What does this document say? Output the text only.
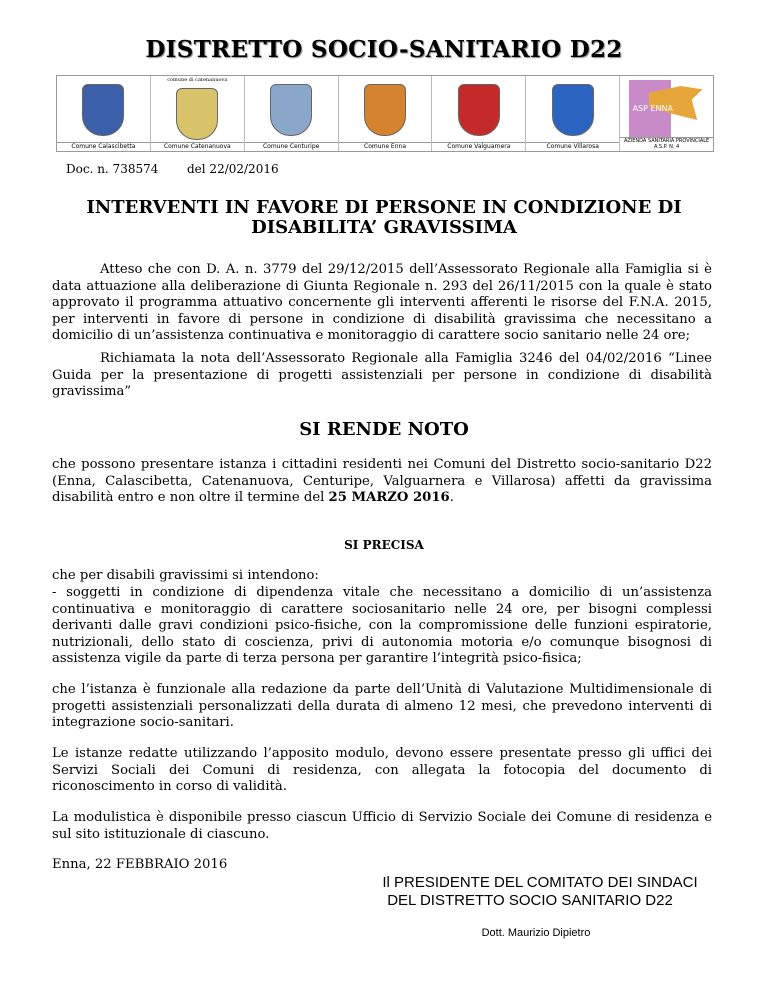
DISTRETTO SOCIO-SANITARIO D22
Comune Calascibetta
comune di catenanuova
Comune Catenanuova	Comune Centuripe	Comune Enna	Comune Valguarnera	Comune Villarosa
ASP ENNA
AZIENDA SANITARIA PROVINCIALE A.S.P. N. 4
Doc. n. 738574 del 22/02/2016
INTERVENTI IN FAVORE DI PERSONE IN CONDIZIONE DI DISABILITA’ GRAVISSIMA

Atteso che con D. A. n. 3779 del 29/12/2015 dell’Assessorato Regionale alla Famiglia si è data attuazione alla deliberazione di Giunta Regionale n. 293 del 26/11/2015 con la quale è stato approvato il programma attuativo concernente gli interventi afferenti le risorse del F.N.A. 2015, per interventi in favore di persone in condizione di disabilità gravissima che necessitano a domicilio di un’assistenza continuativa e monitoraggio di carattere socio sanitario nelle 24 ore;

Richiamata la nota dell’Assessorato Regionale alla Famiglia 3246 del 04/02/2016 “Linee Guida per la presentazione di progetti assistenziali per persone in condizione di disabilità gravissima”

SI RENDE NOTO

che possono presentare istanza i cittadini residenti nei Comuni del Distretto socio-sanitario D22 (Enna, Calascibetta, Catenanuova, Centuripe, Valguarnera e Villarosa) affetti da gravissima disabilità entro e non oltre il termine del 25 MARZO 2016.

SI PRECISA

che per disabili gravissimi si intendono:

- soggetti in condizione di dipendenza vitale che necessitano a domicilio di un’assistenza continuativa e monitoraggio di carattere sociosanitario nelle 24 ore, per bisogni complessi derivanti dalle gravi condizioni psico-fisiche, con la compromissione delle funzioni espiratorie, nutrizionali, dello stato di coscienza, privi di autonomia motoria e/o comunque bisognosi di assistenza vigile da parte di terza persona per garantire l’integrità psico-fisica;

che l’istanza è funzionale alla redazione da parte dell’Unità di Valutazione Multidimensionale di progetti assistenziali personalizzati della durata di almeno 12 mesi, che prevedono interventi di integrazione socio-sanitari.

Le istanze redatte utilizzando l’apposito modulo, devono essere presentate presso gli uffici dei Servizi Sociali dei Comuni di residenza, con allegata la fotocopia del documento di riconoscimento in corso di validità.

La modulistica è disponibile presso ciascun Ufficio di Servizio Sociale dei Comune di residenza e sul sito istituzionale di ciascuno.

Enna, 22 FEBBRAIO 2016
Il PRESIDENTE DEL COMITATO DEI SINDACI
DEL DISTRETTO SOCIO SANITARIO D22
Dott. Maurizio Dipietro
